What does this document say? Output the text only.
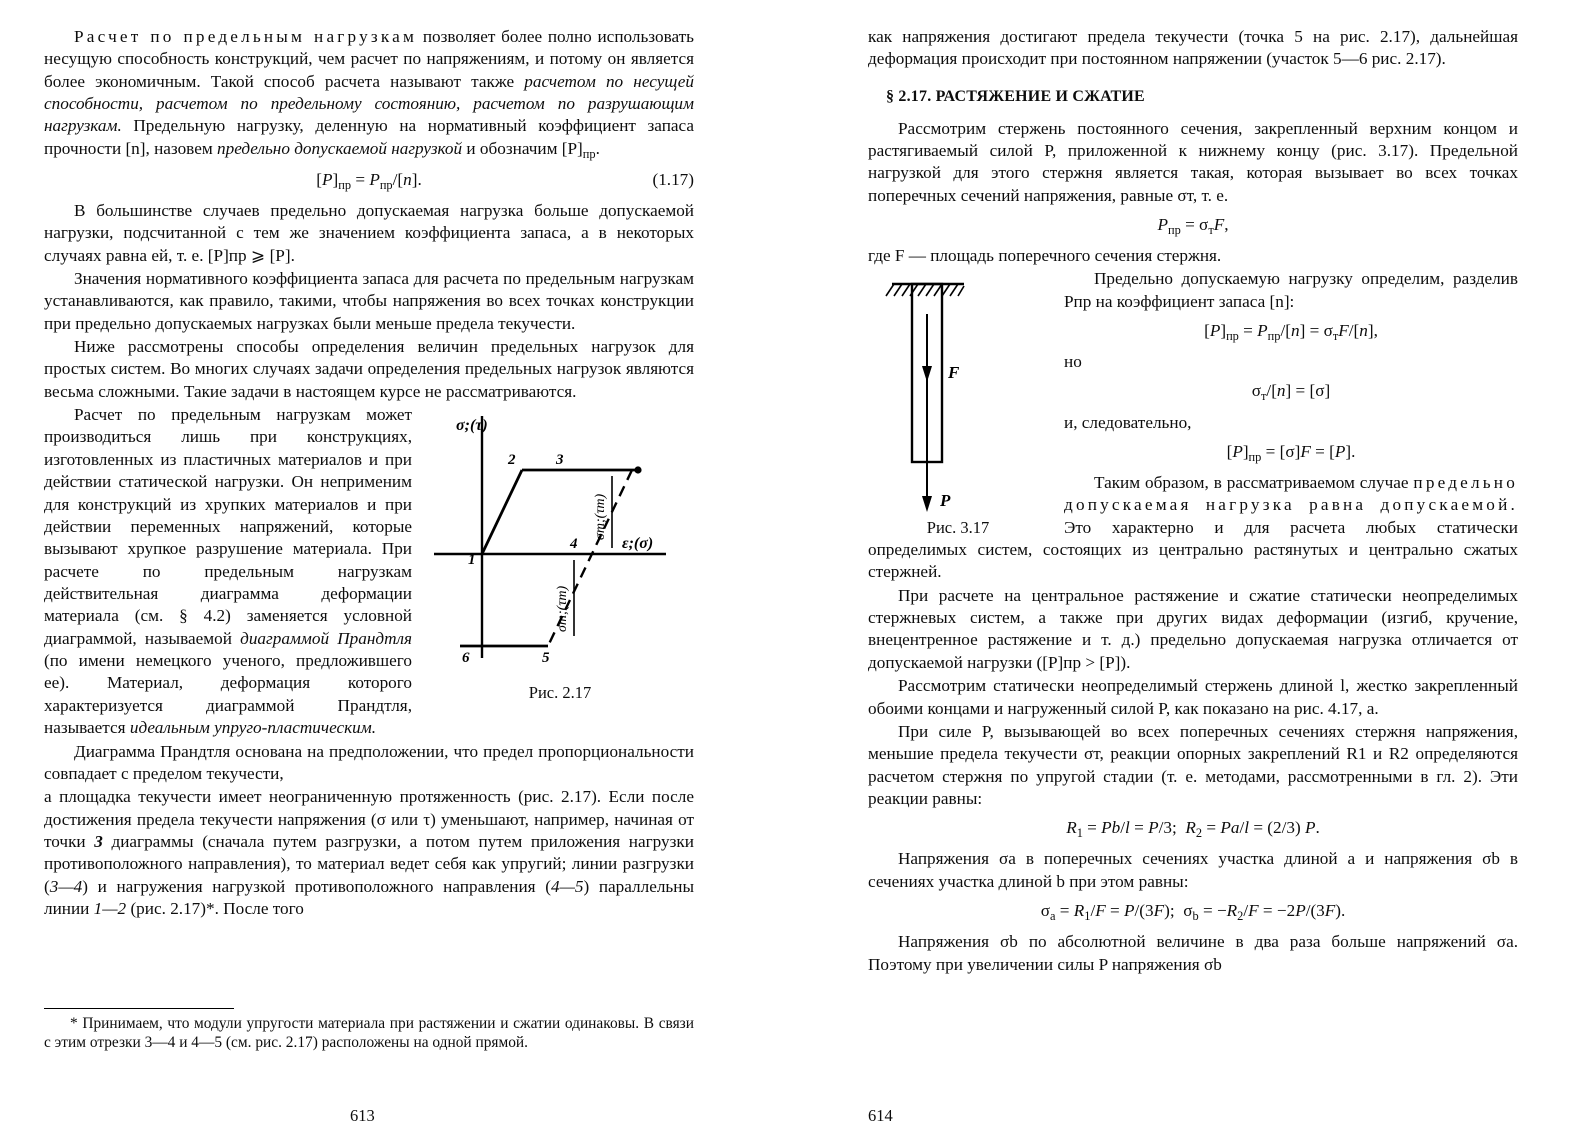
Расчет по предельным нагрузкам позволяет более полно использовать несущую способность конструкций, чем расчет по напряжениям, и потому он является более экономичным. Такой способ расчета называют также расчетом по несущей способности, расчетом по предельному состоянию, расчетом по разрушающим нагрузкам. Предельную нагрузку, деленную на нормативный коэффициент запаса прочности [n], назовем предельно допускаемой нагрузкой и обозначим $[P]_{пр}$.

$[P]_{пр} = P_{пр}/[n]$.	(1.17)

В большинстве случаев предельно допускаемая нагрузка больше допускаемой нагрузки, подсчитанной с тем же значением коэффициента запаса, а в некоторых случаях равна ей, т. е. [P]пр ⩾ [P].

Значения нормативного коэффициента запаса для расчета по предельным нагрузкам устанавливаются, как правило, такими, чтобы напряжения во всех точках конструкции при предельно допускаемых нагрузках были меньше предела текучести.

Ниже рассмотрены способы определения величин предельных нагрузок для простых систем. Во многих случаях задачи определения предельных нагрузок являются весьма сложными. Такие задачи в настоящем курсе не рассматриваются.

σ;(τ)
ε;(σ)
2	3
1
4
5
6
σт;(τт)
σт;(τт)
Рис. 2.17

Расчет по предельным нагрузкам может производиться лишь при конструкциях, изготовленных из пластичных материалов и при действии статической нагрузки. Он неприменим для конструкций из хрупких материалов и при действии переменных напряжений, которые вызывают хрупкое разрушение материала. При расчете по предельным нагрузкам действительная диаграмма деформации материала (см. § 4.2) заменяется условной диаграммой, называемой диаграммой Прандтля (по имени немецкого ученого, предложившего ее). Материал, деформация которого характеризуется диаграммой Прандтля, называется идеальным упруго-пластическим.

Диаграмма Прандтля основана на предположении, что предел пропорциональности совпадает с пределом текучести,

а площадка текучести имеет неограниченную протяженность (рис. 2.17). Если после достижения предела текучести напряжения (σ или τ) уменьшают, например, начиная от точки 3 диаграммы (сначала путем разгрузки, а потом путем приложения нагрузки противоположного направления), то материал ведет себя как упругий; линии разгрузки (3—4) и нагружения нагрузкой противоположного направления (4—5) параллельны линии 1—2 (рис. 2.17)*. После того

* Принимаем, что модули упругости материала при растяжении и сжатии одинаковы. В связи с этим отрезки 3—4 и 4—5 (см. рис. 2.17) расположены на одной прямой.

613

как напряжения достигают предела текучести (точка 5 на рис. 2.17), дальнейшая деформация происходит при постоянном напряжении (участок 5—6 рис. 2.17).

§ 2.17. РАСТЯЖЕНИЕ И СЖАТИЕ

Рассмотрим стержень постоянного сечения, закрепленный верхним концом и растягиваемый силой P, приложенной к нижнему концу (рис. 3.17). Предельной нагрузкой для этого стержня является такая, которая вызывает во всех точках поперечных сечений напряжения, равные σт, т. е.

$P_{пр} = \sigma_тF$,

где F — площадь поперечного сечения стержня.

F
P
Рис. 3.17

Предельно допускаемую нагрузку определим, разделив Pпр на коэффициент запаса [n]:

$[P]_{пр} = P_{пр}/[n] = \sigma_тF/[n]$,

но

$\sigma_т/[n] = [\sigma]$

и, следовательно,

$[P]_{пр} = [\sigma]F = [P]$.

Таким образом, в рассматриваемом случае предельно допускаемая нагрузка равна допускаемой. Это характерно и для расчета любых статически определимых систем, состоящих из центрально растянутых и центрально сжатых стержней.

При расчете на центральное растяжение и сжатие статически неопределимых стержневых систем, а также при других видах деформации (изгиб, кручение, внецентренное растяжение и т. д.) предельно допускаемая нагрузка отличается от допускаемой нагрузки ([P]пр > [P]).

Рассмотрим статически неопределимый стержень длиной l, жестко закрепленный обоими концами и нагруженный силой P, как показано на рис. 4.17, а.

При силе P, вызывающей во всех поперечных сечениях стержня напряжения, меньшие предела текучести σт, реакции опорных закреплений R1 и R2 определяются расчетом стержня по упругой стадии (т. е. методами, рассмотренными в гл. 2). Эти реакции равны:

$R_1 = Pb/l = P/3$;  $R_2 = Pa/l = (2/3)$ P.

Напряжения σa в поперечных сечениях участка длиной a и напряжения σb в сечениях участка длиной b при этом равны:

$\sigma_a = R_1/F = P/(3F)$;  $\sigma_b = -R_2/F = -2P/(3F)$.

Напряжения σb по абсолютной величине в два раза больше напряжений σa. Поэтому при увеличении силы P напряжения σb

614
